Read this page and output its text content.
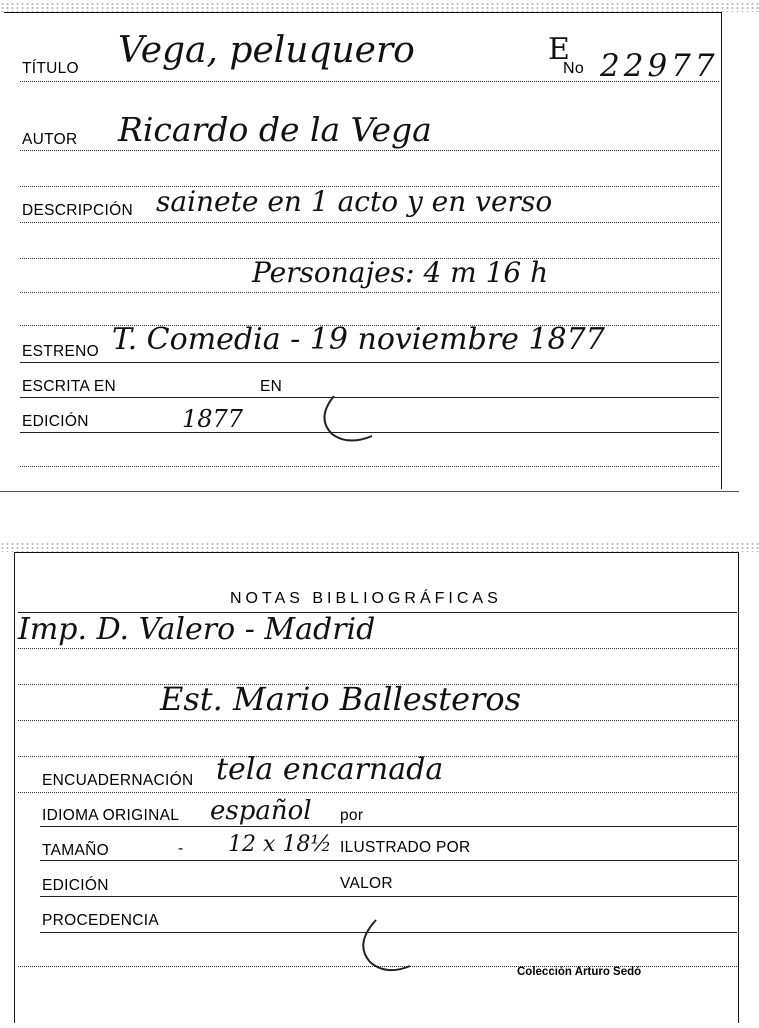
TÍTULO Vega, peluquero	E
No 22977
AUTOR Ricardo de la Vega
DESCRIPCIÓN sainete en 1 acto y en verso
Personajes: 4 m 16 h
ESTRENO T. Comedia - 19 noviembre 1877
ESCRITA EN	EN
EDICIÓN	1877
NOTAS BIBLIOGRÁFICAS
Imp. D. Valero - Madrid
Est. Mario Ballesteros
ENCUADERNACIÓN tela encarnada
IDIOMA ORIGINAL español por
TAMAÑO	- 12 x 18½ ILUSTRADO POR
EDICIÓN	VALOR
PROCEDENCIA
Colección Arturo Sedó
